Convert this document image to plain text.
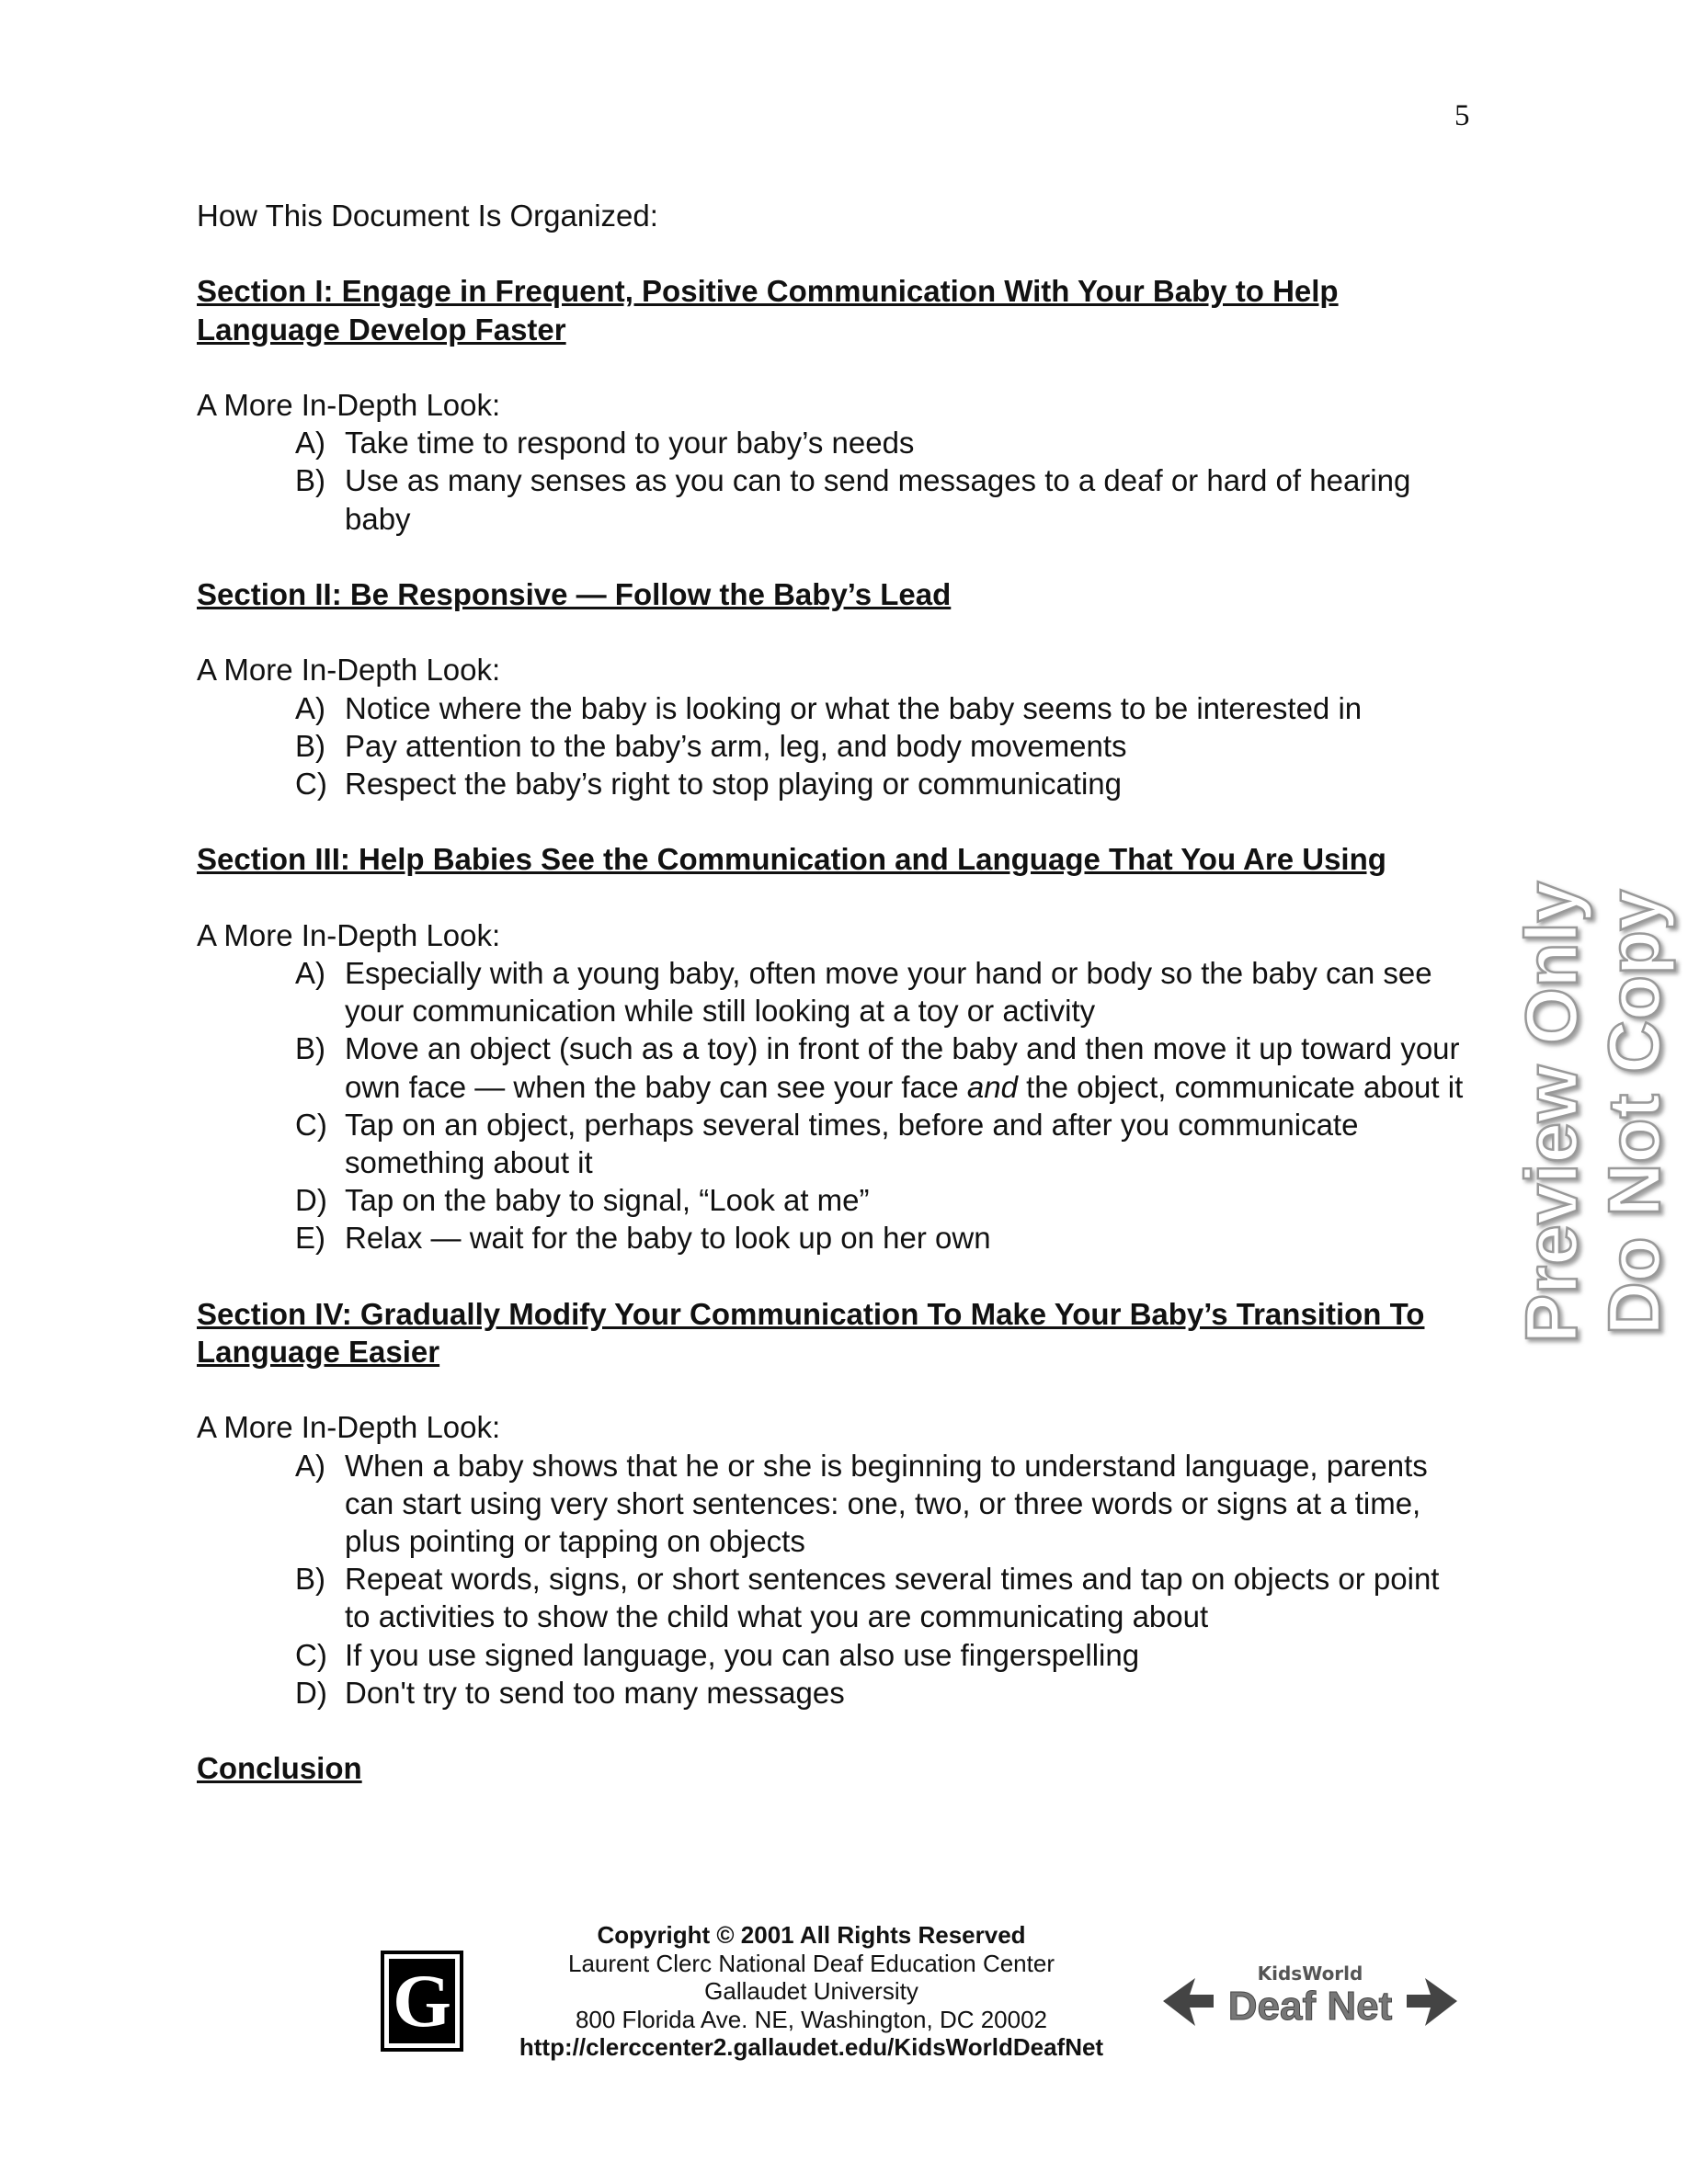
5

How This Document Is Organized:

Section I: Engage in Frequent, Positive Communication With Your Baby to Help Language Develop Faster

A More In-Depth Look:

A) Take time to respond to your baby’s needs
B) Use as many senses as you can to send messages to a deaf or hard of hearing baby

Section II: Be Responsive — Follow the Baby’s Lead

A More In-Depth Look:

A) Notice where the baby is looking or what the baby seems to be interested in
B) Pay attention to the baby’s arm, leg, and body movements
C) Respect the baby’s right to stop playing or communicating

Section III: Help Babies See the Communication and Language That You Are Using

A More In-Depth Look:

A) Especially with a young baby, often move your hand or body so the baby can see your communication while still looking at a toy or activity
B) Move an object (such as a toy) in front of the baby and then move it up toward your own face — when the baby can see your face and the object, communicate about it
C) Tap on an object, perhaps several times, before and after you communicate something about it
D) Tap on the baby to signal, “Look at me”
E) Relax — wait for the baby to look up on her own

Section IV: Gradually Modify Your Communication To Make Your Baby’s Transition To Language Easier

A More In-Depth Look:

A) When a baby shows that he or she is beginning to understand language, parents can start using very short sentences: one, two, or three words or signs at a time, plus pointing or tapping on objects
B) Repeat words, signs, or short sentences several times and tap on objects or point to activities to show the child what you are communicating about
C) If you use signed language, you can also use fingerspelling
D) Don't try to send too many messages

Conclusion

Preview Only Do Not Copy
G
Copyright © 2001 All Rights Reserved
Laurent Clerc National Deaf Education Center
Gallaudet University
800 Florida Ave. NE, Washington, DC 20002
http://clerccenter2.gallaudet.edu/KidsWorldDeafNet
KidsWorld
Deaf Net
